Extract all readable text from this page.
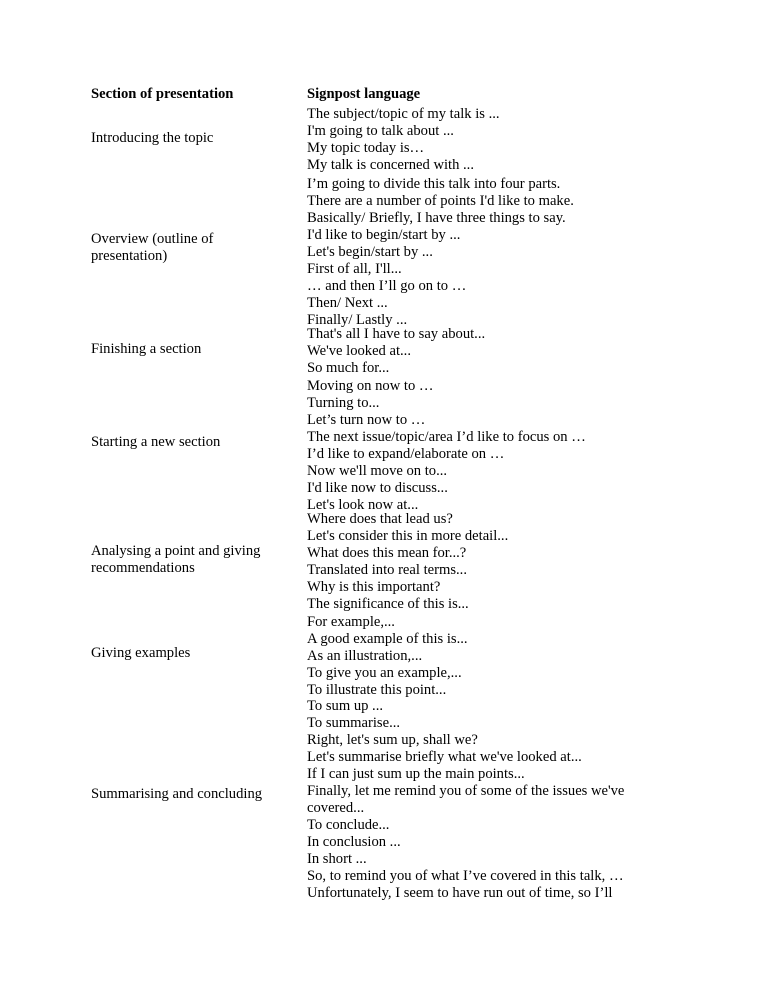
Section of presentation	Signpost language
Introducing the topic
The subject/topic of my talk is ...
I'm going to talk about ...
My topic today is…
My talk is concerned with ...
Overview (outline of
presentation)
I’m going to divide this talk into four parts.
There are a number of points I'd like to make.
Basically/ Briefly, I have three things to say.
I'd like to begin/start by ...
Let's begin/start by ...
First of all, I'll...
… and then I’ll go on to …
Then/ Next ...
Finally/ Lastly ...
Finishing a section
That's all I have to say about...
We've looked at...
So much for...
Starting a new section
Moving on now to …
Turning to...
Let’s turn now to …
The next issue/topic/area I’d like to focus on …
I’d like to expand/elaborate on …
Now we'll move on to...
I'd like now to discuss...
Let's look now at...
Analysing a point and giving
recommendations
Where does that lead us?
Let's consider this in more detail...
What does this mean for...?
Translated into real terms...
Why is this important?
The significance of this is...
Giving examples
For example,...
A good example of this is...
As an illustration,...
To give you an example,...
To illustrate this point...
Summarising and concluding
To sum up ...
To summarise...
Right, let's sum up, shall we?
Let's summarise briefly what we've looked at...
If I can just sum up the main points...
Finally, let me remind you of some of the issues we've covered...
To conclude...
In conclusion ...
In short ...
So, to remind you of what I’ve covered in this talk, …
Unfortunately, I seem to have run out of time, so I’ll
